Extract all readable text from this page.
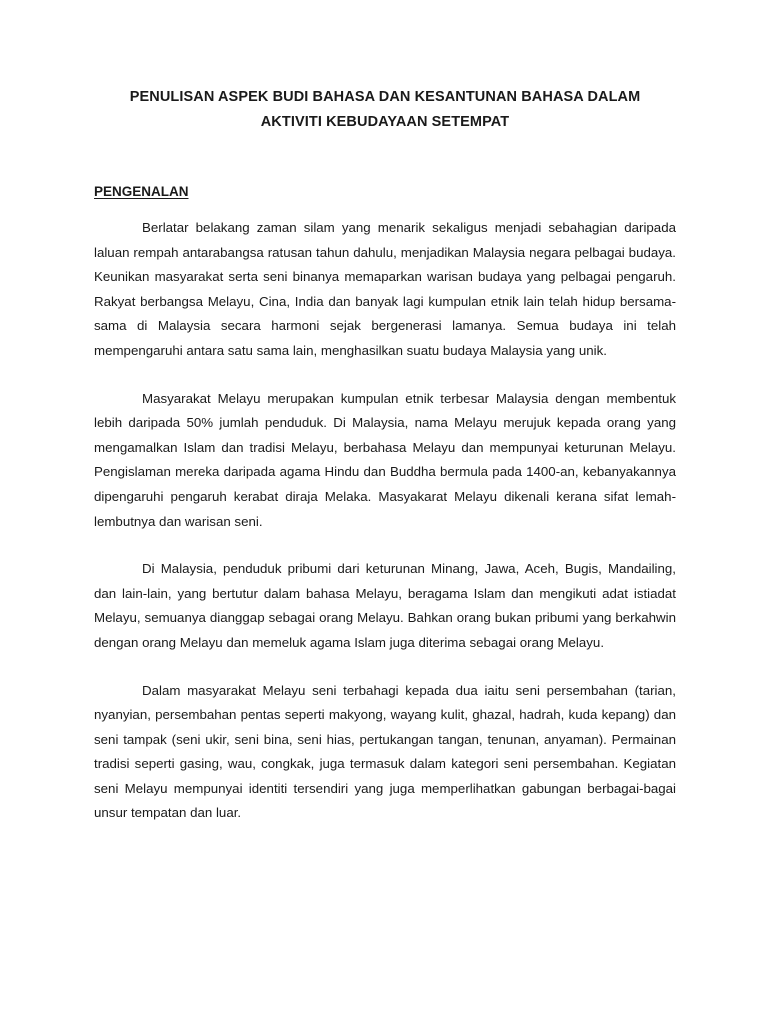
PENULISAN ASPEK BUDI BAHASA DAN KESANTUNAN BAHASA DALAM
AKTIVITI KEBUDAYAAN SETEMPAT
PENGENALAN

Berlatar belakang zaman silam yang menarik sekaligus menjadi sebahagian daripada laluan rempah antarabangsa ratusan tahun dahulu, menjadikan Malaysia negara pelbagai budaya. Keunikan masyarakat serta seni binanya memaparkan warisan budaya yang pelbagai pengaruh. Rakyat berbangsa Melayu, Cina, India dan banyak lagi kumpulan etnik lain telah hidup bersama-sama di Malaysia secara harmoni sejak bergenerasi lamanya. Semua budaya ini telah mempengaruhi antara satu sama lain, menghasilkan suatu budaya Malaysia yang unik.

Masyarakat Melayu merupakan kumpulan etnik terbesar Malaysia dengan membentuk lebih daripada 50% jumlah penduduk. Di Malaysia, nama Melayu merujuk kepada orang yang mengamalkan Islam dan tradisi Melayu, berbahasa Melayu dan mempunyai keturunan Melayu. Pengislaman mereka daripada agama Hindu dan Buddha bermula pada 1400-an, kebanyakannya dipengaruhi pengaruh kerabat diraja Melaka. Masyakarat Melayu dikenali kerana sifat lemah-lembutnya dan warisan seni.

Di Malaysia, penduduk pribumi dari keturunan Minang, Jawa, Aceh, Bugis, Mandailing, dan lain-lain, yang bertutur dalam bahasa Melayu, beragama Islam dan mengikuti adat istiadat Melayu, semuanya dianggap sebagai orang Melayu. Bahkan orang bukan pribumi yang berkahwin dengan orang Melayu dan memeluk agama Islam juga diterima sebagai orang Melayu.

Dalam masyarakat Melayu seni terbahagi kepada dua iaitu seni persembahan (tarian, nyanyian, persembahan pentas seperti makyong, wayang kulit, ghazal, hadrah, kuda kepang) dan seni tampak (seni ukir, seni bina, seni hias, pertukangan tangan, tenunan, anyaman). Permainan tradisi seperti gasing, wau, congkak, juga termasuk dalam kategori seni persembahan. Kegiatan seni Melayu mempunyai identiti tersendiri yang juga memperlihatkan gabungan berbagai-bagai unsur tempatan dan luar.
